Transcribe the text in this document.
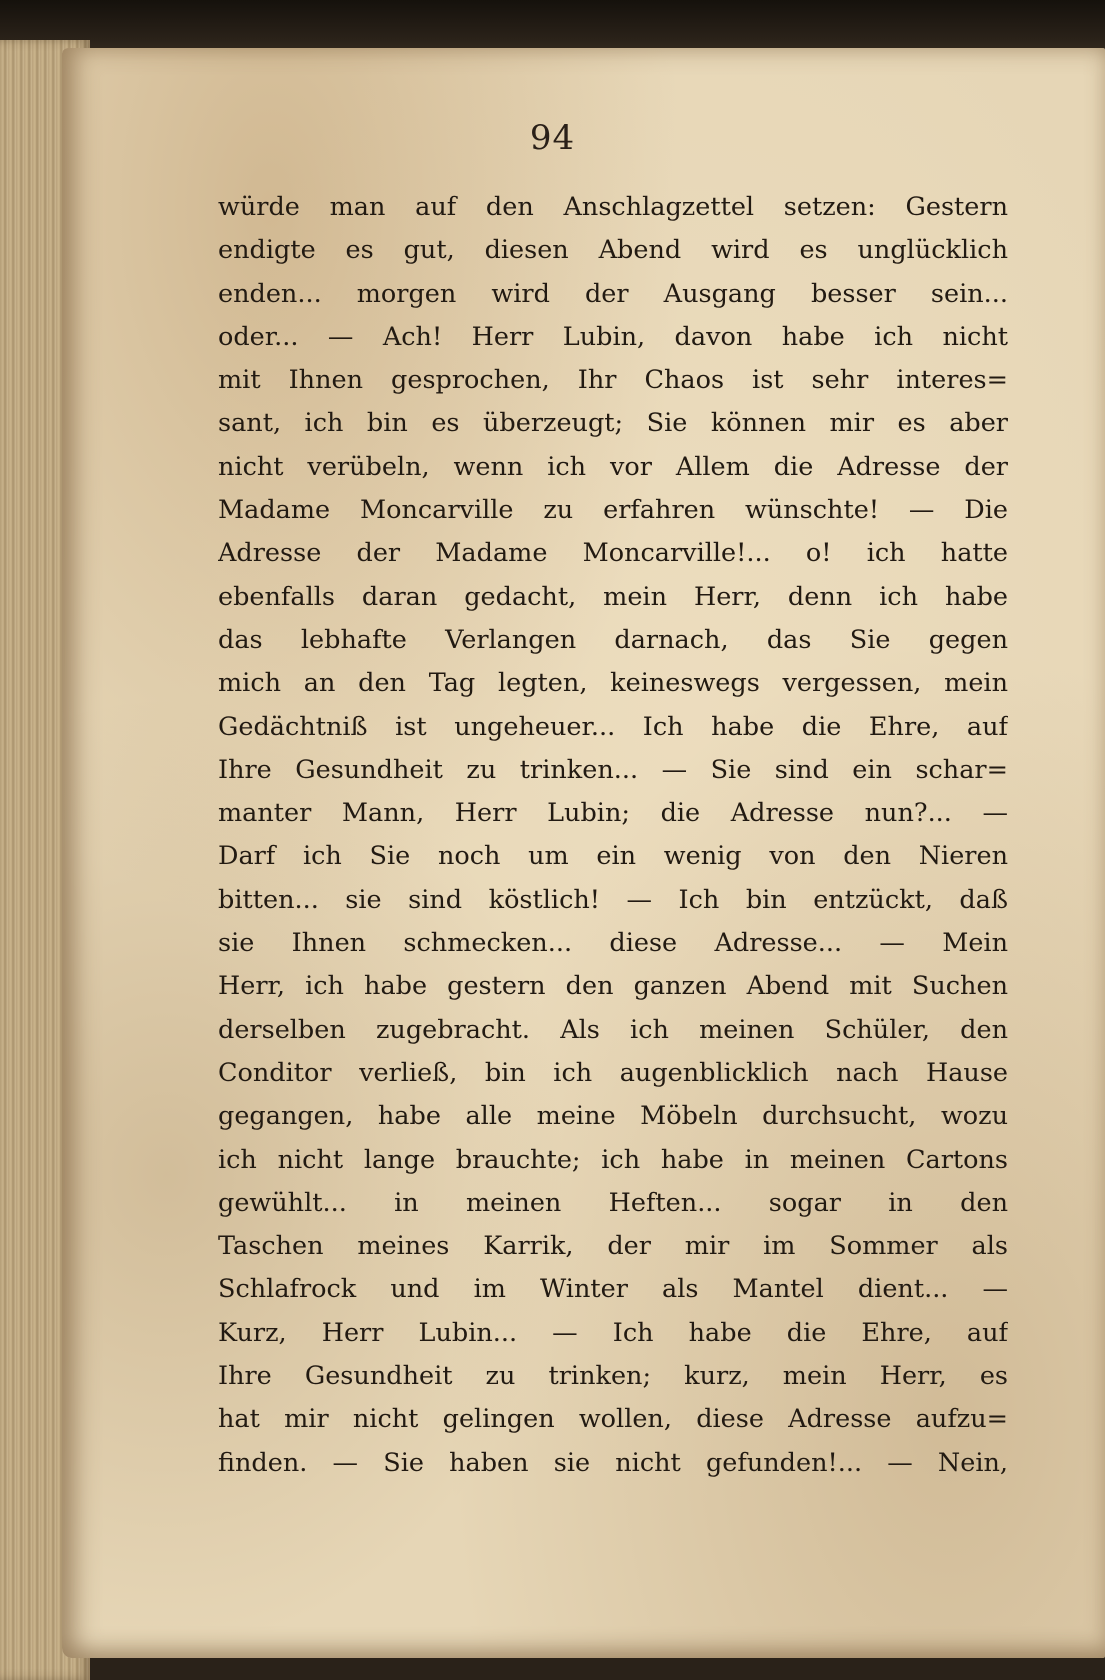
94
würde man auf den Anschlagzettel setzen: Gestern
endigte es gut, diesen Abend wird es unglücklich
enden... morgen wird der Ausgang besser sein...
oder... — Ach! Herr Lubin, davon habe ich nicht
mit Ihnen gesprochen, Ihr Chaos ist sehr interes=
sant, ich bin es überzeugt; Sie können mir es aber
nicht verübeln, wenn ich vor Allem die Adresse der
Madame Moncarville zu erfahren wünschte! — Die
Adresse der Madame Moncarville!... o! ich hatte
ebenfalls daran gedacht, mein Herr, denn ich habe
das lebhafte Verlangen darnach, das Sie gegen
mich an den Tag legten, keineswegs vergessen, mein
Gedächtniß ist ungeheuer... Ich habe die Ehre, auf
Ihre Gesundheit zu trinken... — Sie sind ein schar=
manter Mann, Herr Lubin; die Adresse nun?... —
Darf ich Sie noch um ein wenig von den Nieren
bitten... sie sind köstlich! — Ich bin entzückt, daß
sie Ihnen schmecken... diese Adresse... — Mein
Herr, ich habe gestern den ganzen Abend mit Suchen
derselben zugebracht. Als ich meinen Schüler, den
Conditor verließ, bin ich augenblicklich nach Hause
gegangen, habe alle meine Möbeln durchsucht, wozu
ich nicht lange brauchte; ich habe in meinen Cartons
gewühlt... in meinen Heften... sogar in den
Taschen meines Karrik, der mir im Sommer als
Schlafrock und im Winter als Mantel dient... —
Kurz, Herr Lubin... — Ich habe die Ehre, auf
Ihre Gesundheit zu trinken; kurz, mein Herr, es
hat mir nicht gelingen wollen, diese Adresse aufzu=
finden. — Sie haben sie nicht gefunden!... — Nein,
